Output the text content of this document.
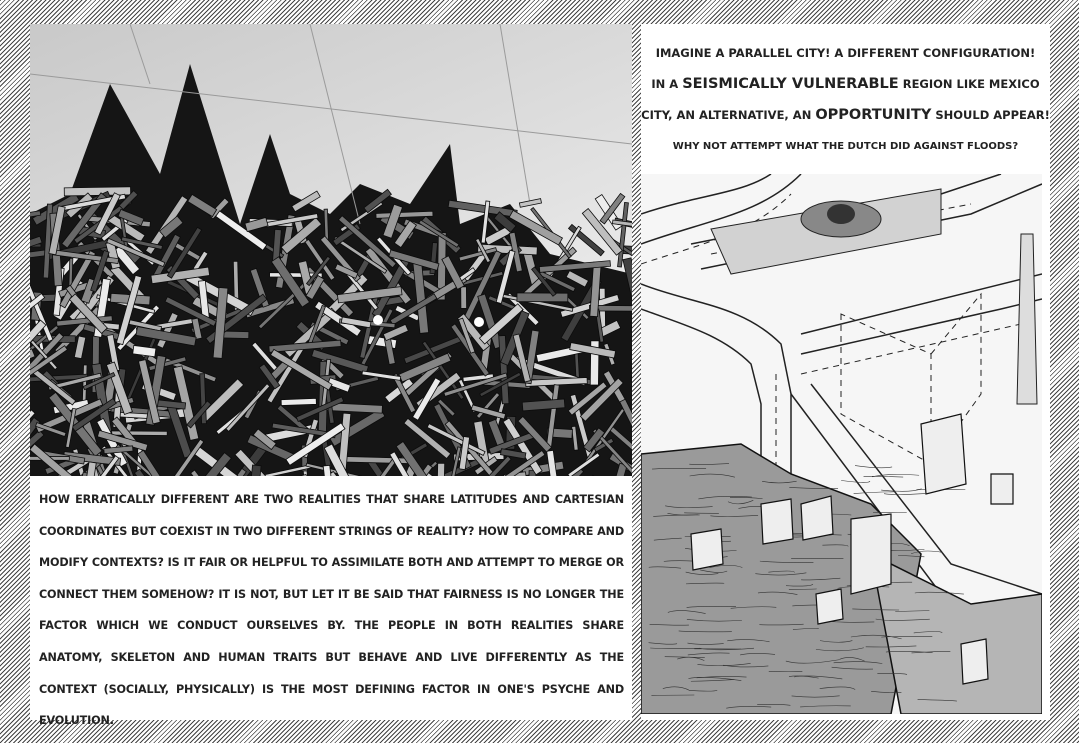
HOW ERRATICALLY DIFFERENT ARE TWO REALITIES THAT SHARE LATITUDES AND CARTESIAN COORDINATES BUT COEXIST IN TWO DIFFERENT STRINGS OF REALITY? HOW TO COMPARE AND MODIFY CONTEXTS? IS IT FAIR OR HELPFUL TO ASSIMILATE BOTH AND ATTEMPT TO MERGE OR CONNECT THEM SOMEHOW? IT IS NOT, BUT LET IT BE SAID THAT FAIRNESS IS NO LONGER THE FACTOR WHICH WE CONDUCT OURSELVES BY. THE PEOPLE IN BOTH REALITIES SHARE ANATOMY, SKELETON AND HUMAN TRAITS BUT BEHAVE AND LIVE DIFFERENTLY AS THE CONTEXT (SOCIALLY, PHYSICALLY) IS THE MOST DEFINING FACTOR IN ONE'S PSYCHE AND EVOLUTION.
IMAGINE A PARALLEL CITY! A DIFFERENT CONFIGURATION!
IN A SEISMICALLY VULNERABLE REGION LIKE MEXICO
CITY, AN ALTERNATIVE, AN OPPORTUNITY SHOULD APPEAR!
WHY NOT ATTEMPT WHAT THE DUTCH DID AGAINST FLOODS?
